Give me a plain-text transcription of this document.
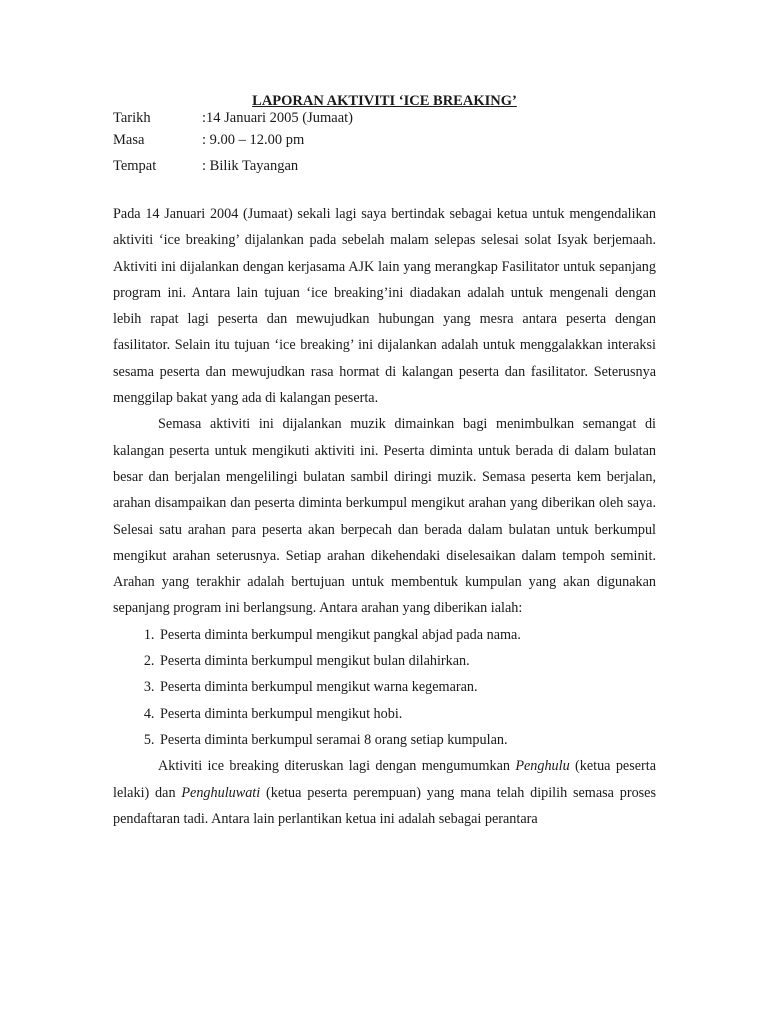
LAPORAN AKTIVITI ‘ICE BREAKING’
Tarikh	:14 Januari 2005 (Jumaat)
Masa	: 9.00 – 12.00 pm
Tempat	: Bilik Tayangan

Pada 14 Januari 2004 (Jumaat) sekali lagi saya bertindak sebagai ketua untuk mengendalikan aktiviti ‘ice breaking’ dijalankan pada sebelah malam selepas selesai solat Isyak berjemaah. Aktiviti ini dijalankan dengan kerjasama AJK lain yang merangkap Fasilitator untuk sepanjang program ini. Antara lain tujuan ‘ice breaking’ini diadakan adalah untuk mengenali dengan lebih rapat lagi peserta dan mewujudkan hubungan yang mesra antara peserta dengan fasilitator. Selain itu tujuan ‘ice breaking’ ini dijalankan adalah untuk menggalakkan interaksi sesama peserta dan mewujudkan rasa hormat di kalangan peserta dan fasilitator. Seterusnya menggilap bakat yang ada di kalangan peserta.

Semasa aktiviti ini dijalankan muzik dimainkan bagi menimbulkan semangat di kalangan peserta untuk mengikuti aktiviti ini. Peserta diminta untuk berada di dalam bulatan besar dan berjalan mengelilingi bulatan sambil diringi muzik. Semasa peserta kem berjalan, arahan disampaikan dan peserta diminta berkumpul mengikut arahan yang diberikan oleh saya. Selesai satu arahan para peserta akan berpecah dan berada dalam bulatan untuk berkumpul mengikut arahan seterusnya. Setiap arahan dikehendaki diselesaikan dalam tempoh seminit. Arahan yang terakhir adalah bertujuan untuk membentuk kumpulan yang akan digunakan sepanjang program ini berlangsung. Antara arahan yang diberikan ialah:

1. Peserta diminta berkumpul mengikut pangkal abjad pada nama.
2. Peserta diminta berkumpul mengikut bulan dilahirkan.
3. Peserta diminta berkumpul mengikut warna kegemaran.
4. Peserta diminta berkumpul mengikut hobi.
5. Peserta diminta berkumpul seramai 8 orang setiap kumpulan.

Aktiviti ice breaking diteruskan lagi dengan mengumumkan Penghulu (ketua peserta lelaki) dan Penghuluwati (ketua peserta perempuan) yang mana telah dipilih semasa proses pendaftaran tadi. Antara lain perlantikan ketua ini adalah sebagai perantara
